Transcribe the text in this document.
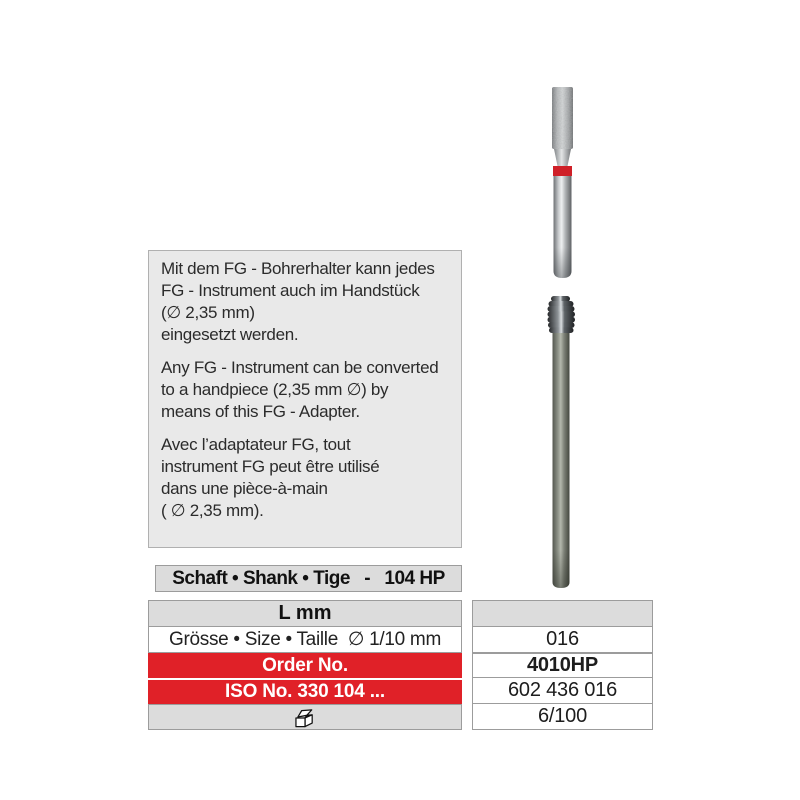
Mit dem FG - Bohrerhalter kann jedes
FG - Instrument auch im Handstück
(∅ 2,35 mm)
eingesetzt werden.

Any FG - Instrument can be converted
to a handpiece (2,35 mm ∅) by
means of this FG - Adapter.

Avec l’adaptateur FG, tout
instrument FG peut être utilisé
dans une pièce-à-main
( ∅ 2,35 mm).

Schaft • Shank • Tige   -   104 HP
L mm
Grösse • Size • Taille  ∅ 1/10 mm
Order No.
ISO No. 330 104 ...
016
4010HP
602 436 016
6/100
